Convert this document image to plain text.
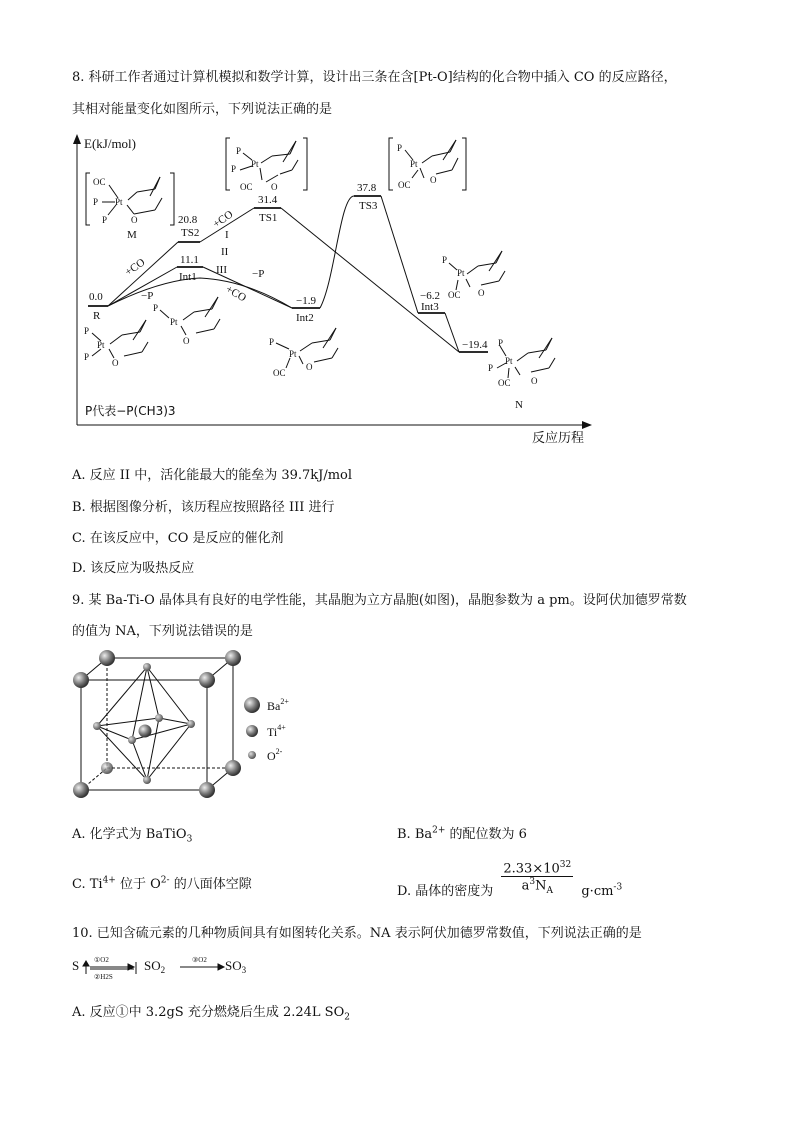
8. 科研工作者通过计算机模拟和数学计算，设计出三条在含[Pt-O]结构的化合物中插入 CO 的反应路径，
其相对能量变化如图所示，下列说法正确的是
E(kJ/mol)
反应历程
P代表−P(CH3)3
0.0
R
20.8
TS2
11.1
Int1
31.4
TS1
−1.9
Int2
37.8
TS3
−6.2
Int3
−19.4
I
II
III
+CO
−P
+CO
−P
+CO
OC
P Pt
P	O
M
P
Pt
P
OC O
P
Pt
OC O
P
Pt
P
O
P
Pt
O	P
Pt
OC
O
P
Pt
OC O
P
Pt
P
OC O
N
A. 反应 II 中，活化能最大的能垒为 39.7kJ/mol
B. 根据图像分析，该历程应按照路径 III 进行
C. 在该反应中，CO 是反应的催化剂
D. 该反应为吸热反应
9. 某 Ba-Ti-O 晶体具有良好的电学性能，其晶胞为立方晶胞(如图)，晶胞参数为 a pm。设阿伏加德罗常数
的值为 NA，下列说法错误的是
$Ba^{2+}$
$Ti^{4+}$
$O^{2-}$
A. 化学式为 BaTiO$_3$	B. $Ba^{2+}$ 的配位数为 6
C. $Ti^{4+}$ 位于 $O^{2-}$ 的八面体空隙	D. 晶体的密度为 $\frac{2.33\times 10^{32}}{a^3N_A} g\cdot cm^{-3}$
10. 已知含硫元素的几种物质间具有如图转化关系。NA 表示阿伏加德罗常数值，下列说法正确的是
S ①O2
②H2S
$SO_2$
③O2 $SO_3$
A. 反应①中 3.2gS 充分燃烧后生成 2.24L $SO_2$
